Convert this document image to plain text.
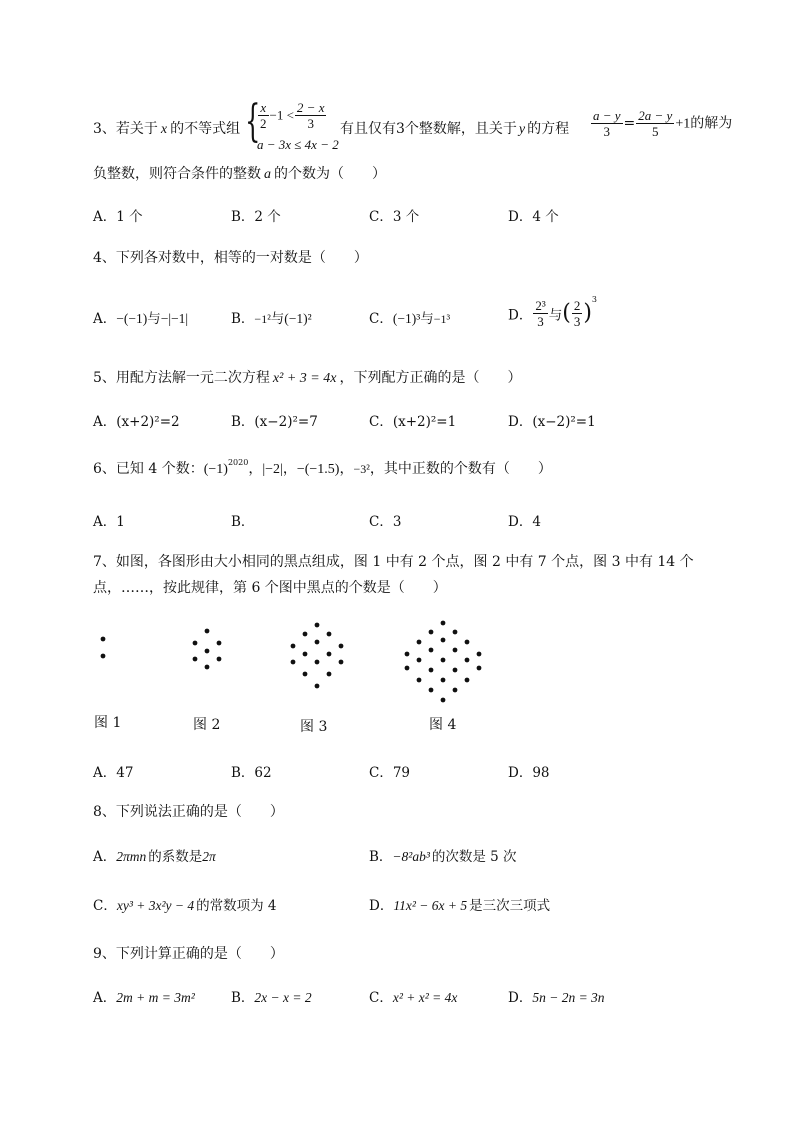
3、若关于 x 的不等式组 {
$\frac{x}{2} -1 < \frac{2 - x}{3}$
a − 3x ≤ 4x − 2
有且仅有3个整数解，且关于 y 的方程 $\frac{a - y}{3} = \frac{2a - y}{5} +1$的解为
负整数，则符合条件的整数 a 的个数为（　　）
A．1 个	B．2 个	C．3 个	D．4 个
4、下列各对数中，相等的一对数是（　　）
A．−(−1)与−|−1|	B．−1²与(−1)²	C．(−1)³与−1³	D． $\frac{\text{2³}}{3}$ 与( $\frac{2}{3} )^3$
5、用配方法解一元二次方程 x² + 3 = 4x ，下列配方正确的是（　　）
A．(x+2)²=2	B．(x−2)²=7	C．(x+2)²=1	D．(x−2)²=1
6、已知 4 个数：$(-1)^{2020}$，|−2|，−(−1.5)，−3²，其中正数的个数有（　　）
A．1	B．	C．3	D．4
7、如图，各图形由大小相同的黑点组成，图 1 中有 2 个点，图 2 中有 7 个点，图 3 中有 14 个
点，……，按此规律，第 6 个图中黑点的个数是（　　）
图 1	图 2	图 3	图 4
A．47	B．62	C．79	D．98
8、下列说法正确的是（　　）
A．2πmn 的系数是2π	B．−8²ab³ 的次数是 5 次
C．xy³ + 3x²y − 4 的常数项为 4	D．11x² − 6x + 5 是三次三项式
9、下列计算正确的是（　　）
A．2m + m = 3m²	B．2x − x = 2	C．x² + x² = 4x	D．5n − 2n = 3n
